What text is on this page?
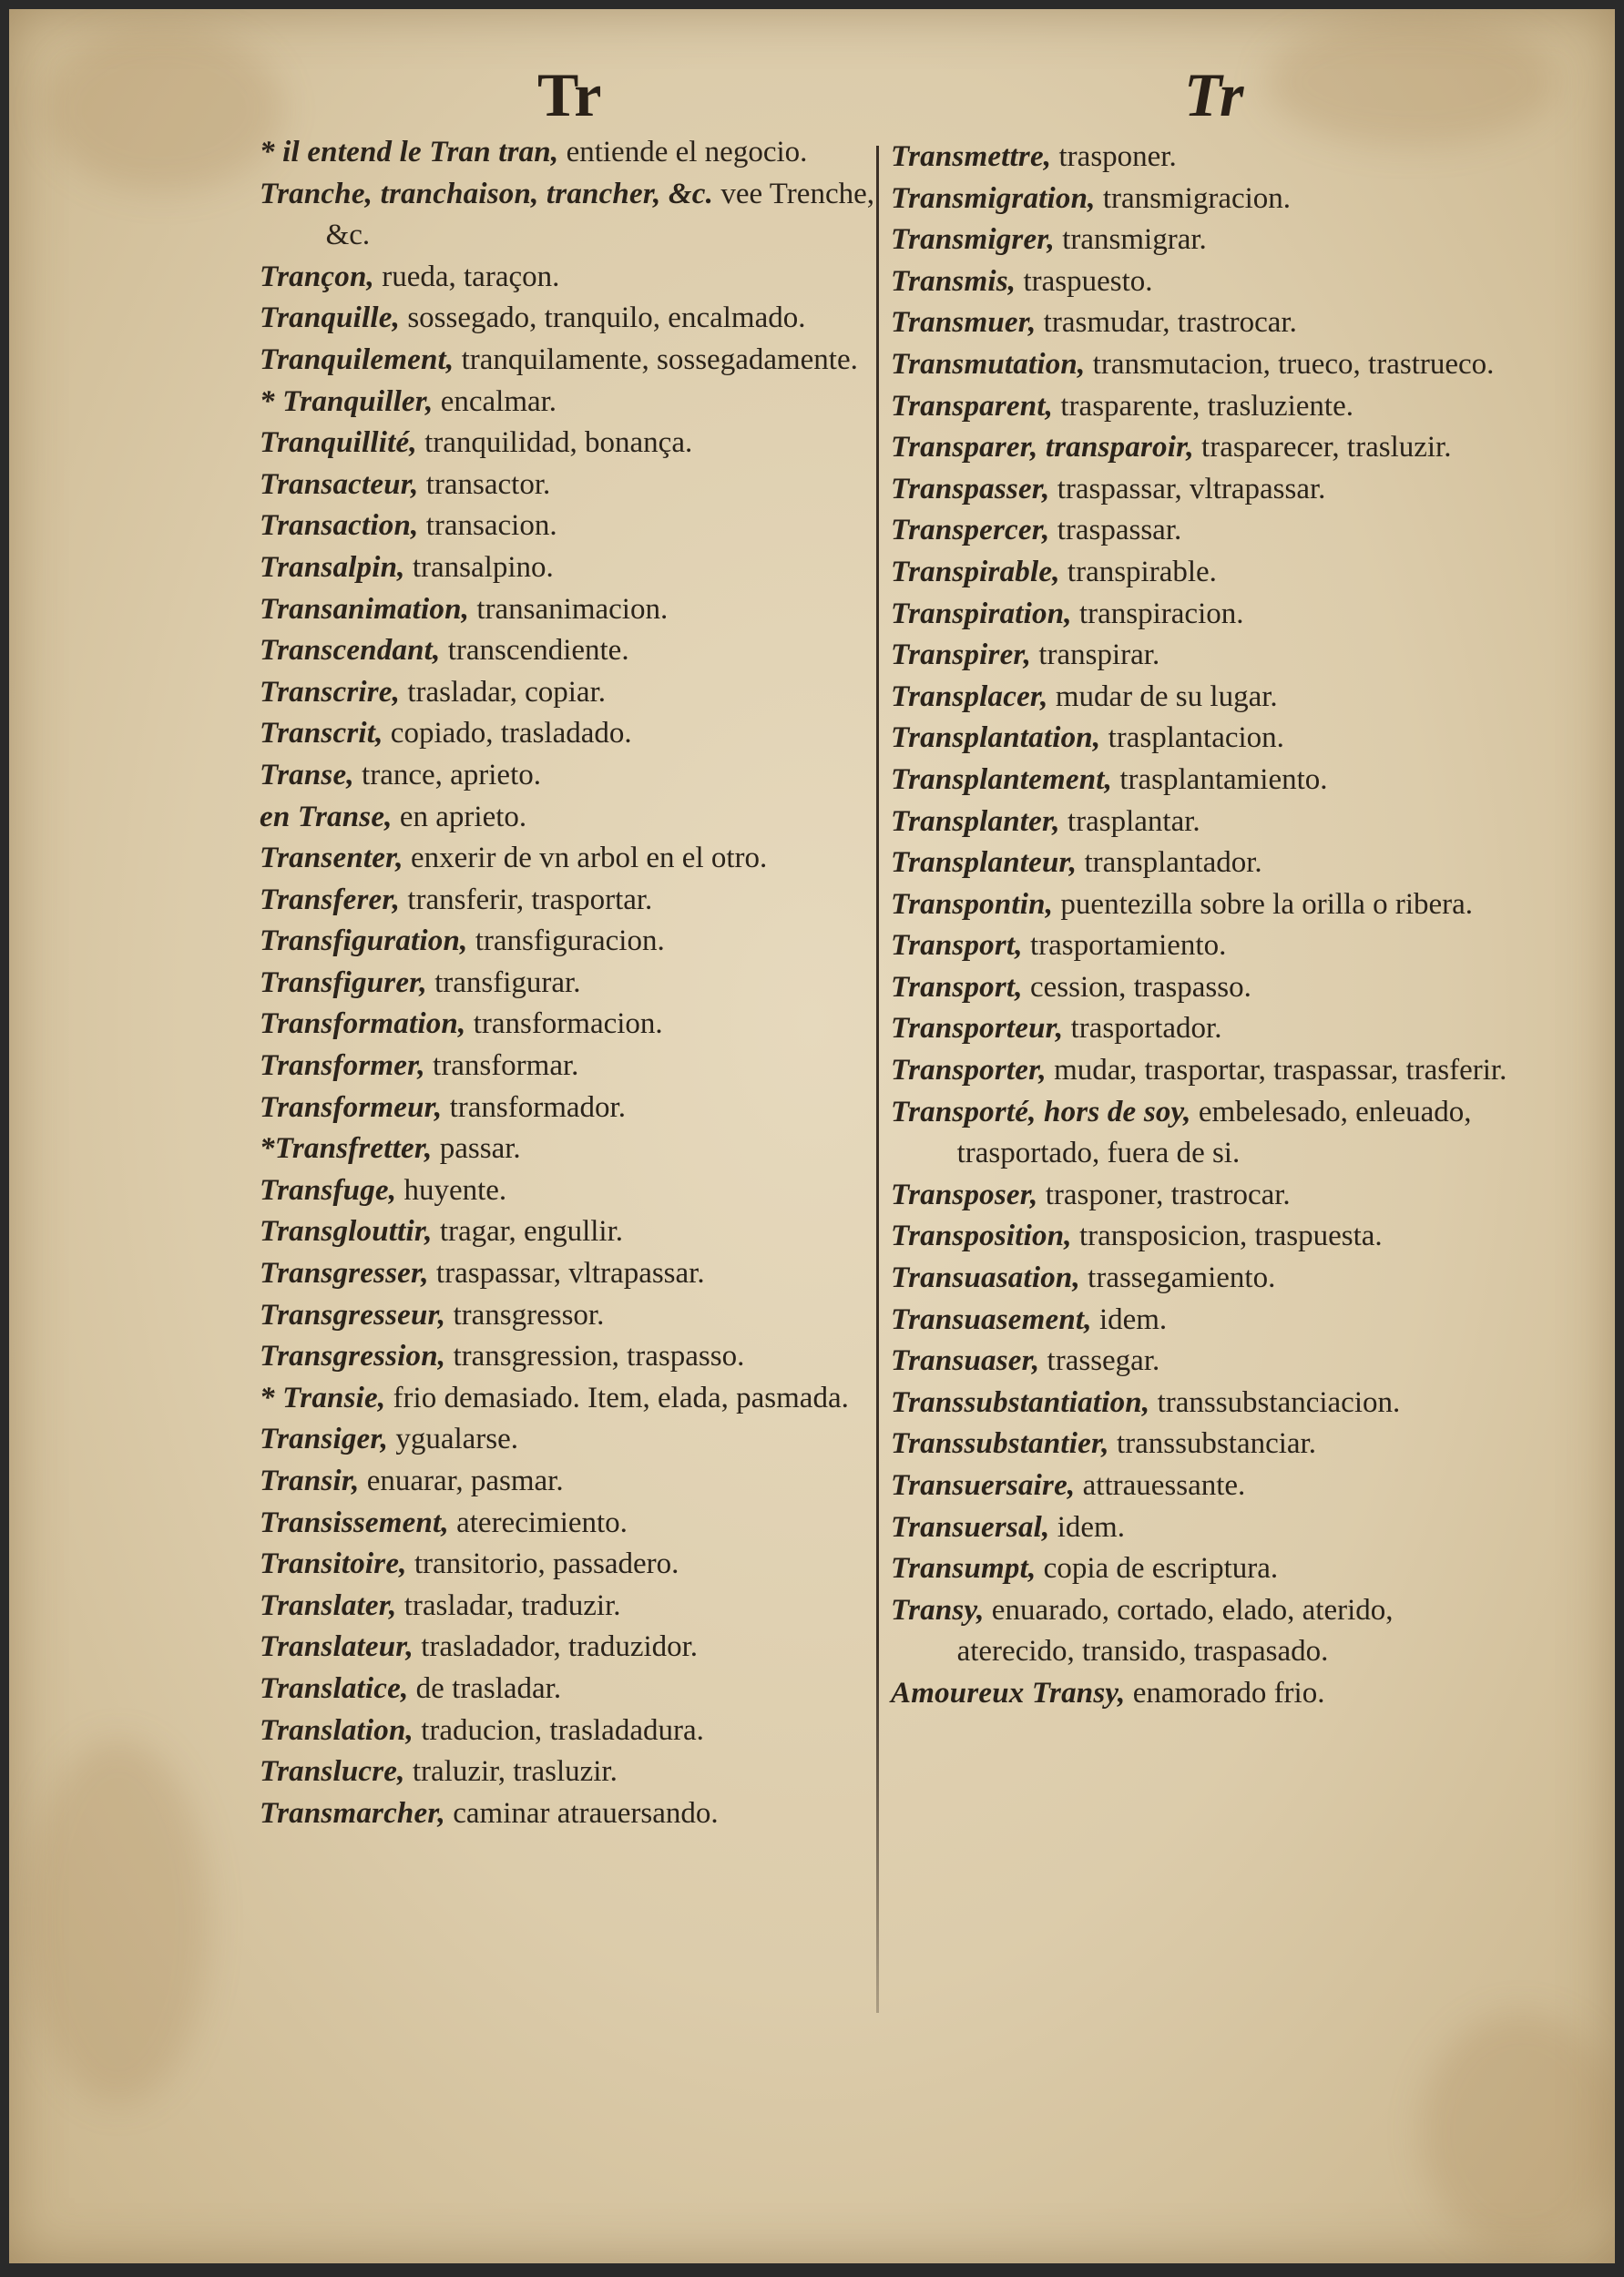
Tr	Tr
* il entend le Tran tran, entiende el negocio.
Tranche, tranchaison, trancher, &c. vee Trenche, &c.
Trançon, rueda, taraçon.
Tranquille, sossegado, tranquilo, encalmado.
Tranquilement, tranquilamente, sossegadamente.
* Tranquiller, encalmar.
Tranquillité, tranquilidad, bonança.
Transacteur, transactor.
Transaction, transacion.
Transalpin, transalpino.
Transanimation, transanimacion.
Transcendant, transcendiente.
Transcrire, trasladar, copiar.
Transcrit, copiado, trasladado.
Transe, trance, aprieto.
en Transe, en aprieto.
Transenter, enxerir de vn arbol en el otro.
Transferer, transferir, trasportar.
Transfiguration, transfiguracion.
Transfigurer, transfigurar.
Transformation, transformacion.
Transformer, transformar.
Transformeur, transformador.
*Transfretter, passar.
Transfuge, huyente.
Transglouttir, tragar, engullir.
Transgresser, traspassar, vltrapassar.
Transgresseur, transgressor.
Transgression, transgression, traspasso.
* Transie, frio demasiado. Item, elada, pasmada.
Transiger, ygualarse.
Transir, enuarar, pasmar.
Transissement, aterecimiento.
Transitoire, transitorio, passadero.
Translater, trasladar, traduzir.
Translateur, trasladador, traduzidor.
Translatice, de trasladar.
Translation, traducion, trasladadura.
Translucre, traluzir, trasluzir.
Transmarcher, caminar atrauersando.
Transmettre, trasponer.
Transmigration, transmigracion.
Transmigrer, transmigrar.
Transmis, traspuesto.
Transmuer, trasmudar, trastrocar.
Transmutation, transmutacion, trueco, trastrueco.
Transparent, trasparente, trasluziente.
Transparer, transparoir, trasparecer, trasluzir.
Transpasser, traspassar, vltrapassar.
Transpercer, traspassar.
Transpirable, transpirable.
Transpiration, transpiracion.
Transpirer, transpirar.
Transplacer, mudar de su lugar.
Transplantation, trasplantacion.
Transplantement, trasplantamiento.
Transplanter, trasplantar.
Transplanteur, transplantador.
Transpontin, puentezilla sobre la orilla o ribera.
Transport, trasportamiento.
Transport, cession, traspasso.
Transporteur, trasportador.
Transporter, mudar, trasportar, traspassar, trasferir.
Transporté, hors de soy, embelesado, enleuado, trasportado, fuera de si.
Transposer, trasponer, trastrocar.
Transposition, transposicion, traspuesta.
Transuasation, trassegamiento.
Transuasement, idem.
Transuaser, trassegar.
Transsubstantiation, transsubstanciacion.
Transsubstantier, transsubstanciar.
Transuersaire, attrauessante.
Transuersal, idem.
Transumpt, copia de escriptura.
Transy, enuarado, cortado, elado, aterido, aterecido, transido, traspasado.
Amoureux Transy, enamorado frio.
